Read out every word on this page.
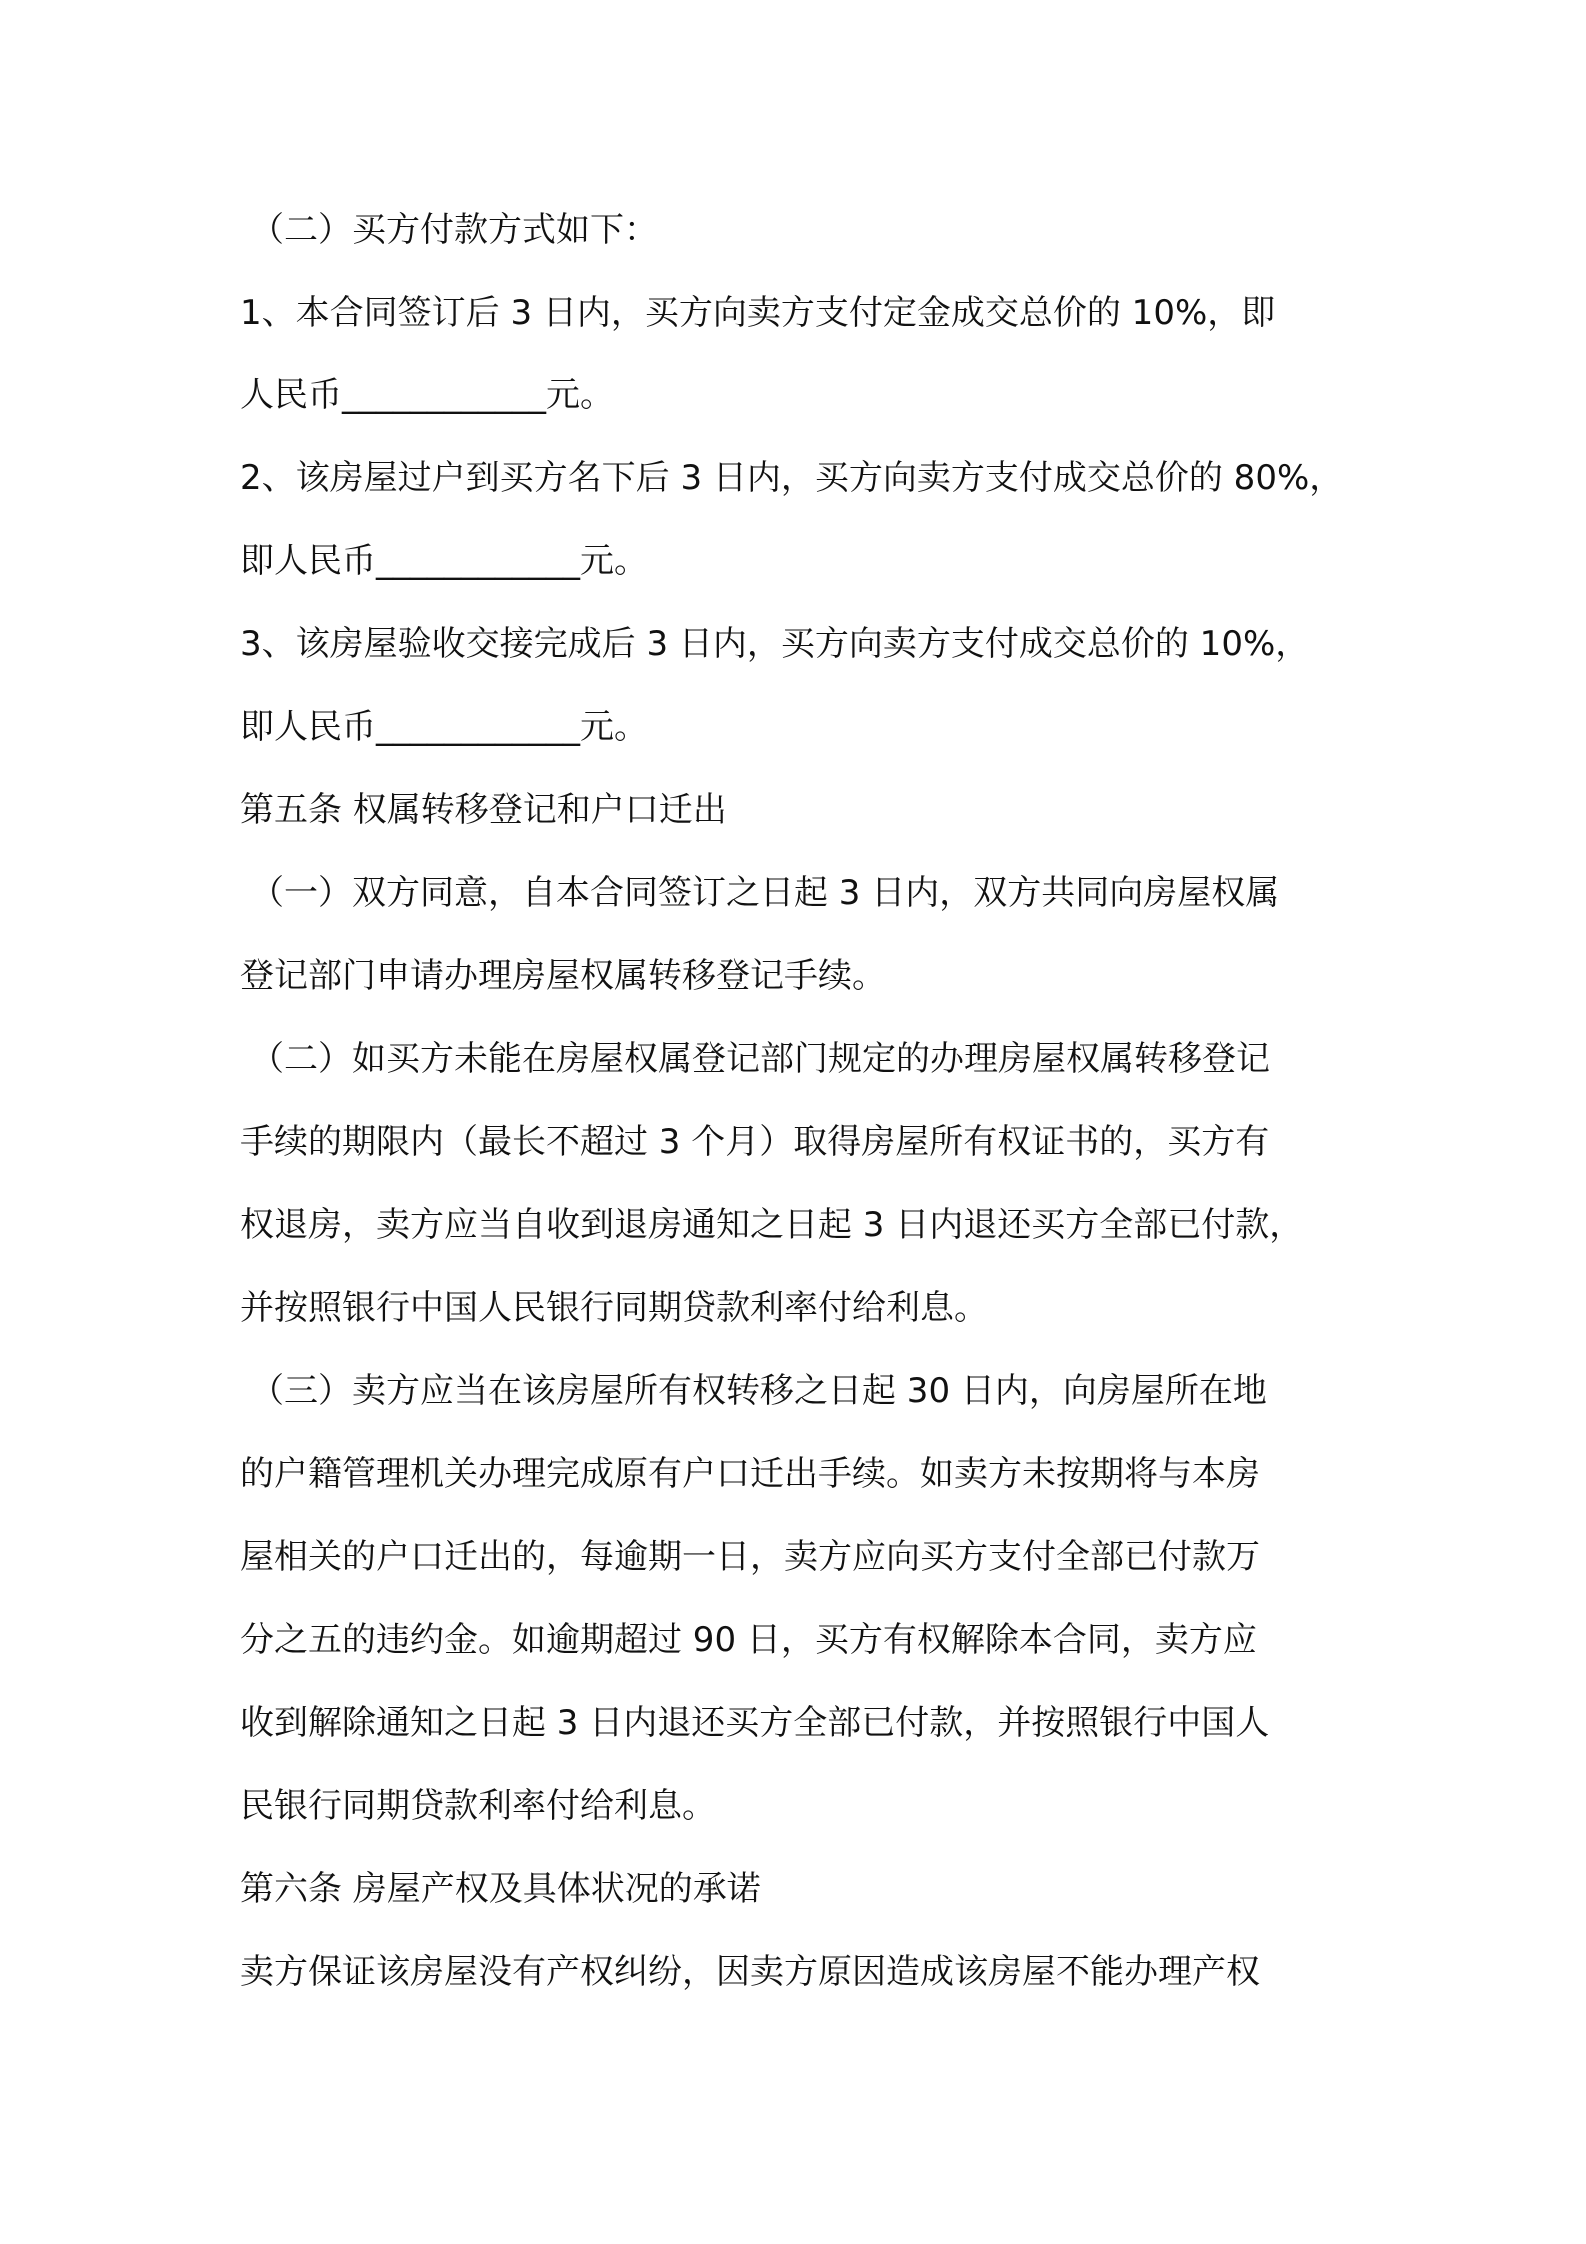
（二）买方付款方式如下：
1、本合同签订后 3 日内，买方向卖方支付定金成交总价的 10%，即
人民币____________元。
2、该房屋过户到买方名下后 3 日内，买方向卖方支付成交总价的 80%，
即人民币____________元。
3、该房屋验收交接完成后 3 日内，买方向卖方支付成交总价的 10%，
即人民币____________元。
第五条 权属转移登记和户口迁出
（一）双方同意，自本合同签订之日起 3 日内，双方共同向房屋权属
登记部门申请办理房屋权属转移登记手续。
（二）如买方未能在房屋权属登记部门规定的办理房屋权属转移登记
手续的期限内（最长不超过 3 个月）取得房屋所有权证书的，买方有
权退房，卖方应当自收到退房通知之日起 3 日内退还买方全部已付款，
并按照银行中国人民银行同期贷款利率付给利息。
（三）卖方应当在该房屋所有权转移之日起 30 日内，向房屋所在地
的户籍管理机关办理完成原有户口迁出手续。如卖方未按期将与本房
屋相关的户口迁出的，每逾期一日，卖方应向买方支付全部已付款万
分之五的违约金。如逾期超过 90 日，买方有权解除本合同，卖方应
收到解除通知之日起 3 日内退还买方全部已付款，并按照银行中国人
民银行同期贷款利率付给利息。
第六条 房屋产权及具体状况的承诺
卖方保证该房屋没有产权纠纷，因卖方原因造成该房屋不能办理产权
